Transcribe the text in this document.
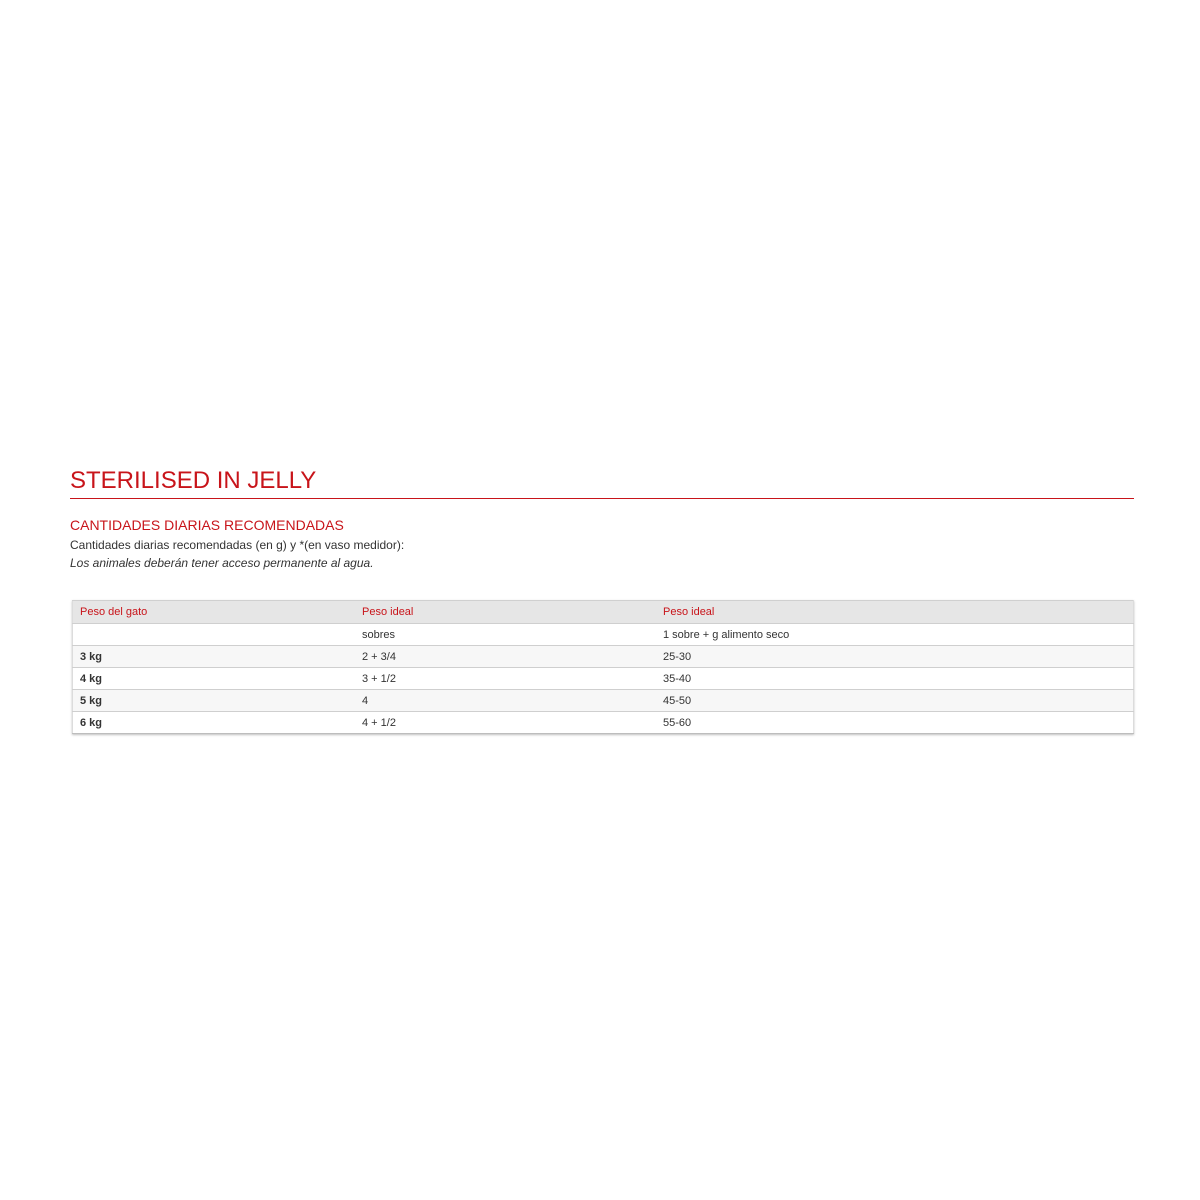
STERILISED IN JELLY
CANTIDADES DIARIAS RECOMENDADAS

Cantidades diarias recomendadas (en g) y *(en vaso medidor):

Los animales deberán tener acceso permanente al agua.

Peso del gato	Peso ideal	Peso ideal
	sobres	1 sobre + g alimento seco
3 kg	2 + 3/4	25-30
4 kg	3 + 1/2	35-40
5 kg	4	45-50
6 kg	4 + 1/2	55-60
